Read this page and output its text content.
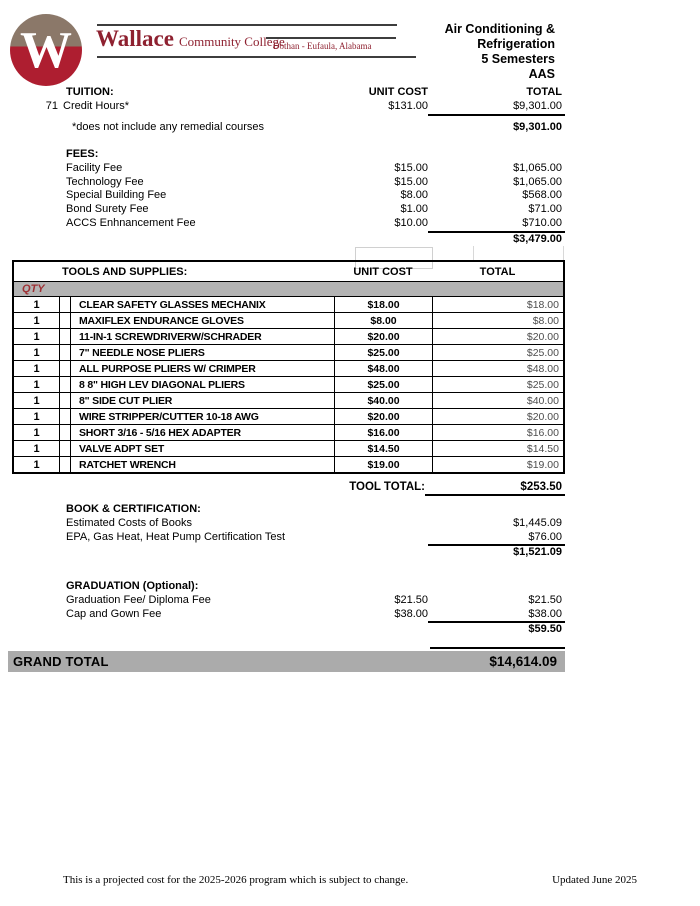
W Wallace Community College
Dothan - Eufaula, Alabama
Air Conditioning &
Refrigeration
5 Semesters
AAS
TUITION:	UNIT COST	TOTAL
71 Credit Hours*	$131.00	$9,301.00
*does not include any remedial courses	$9,301.00
FEES:
Facility Fee	$15.00	$1,065.00
Technology Fee	$15.00	$1,065.00
Special Building Fee	$8.00	$568.00
Bond Surety Fee	$1.00	$71.00
ACCS Enhnancement Fee	$10.00	$710.00
$3,479.00
TOOLS AND SUPPLIES:	UNIT COST	TOTAL
QTY
1	CLEAR SAFETY GLASSES MECHANIX	$18.00	$18.00
1	MAXIFLEX ENDURANCE GLOVES	$8.00	$8.00
1	11-IN-1 SCREWDRIVERW/SCHRADER	$20.00	$20.00
1	7" NEEDLE NOSE PLIERS	$25.00	$25.00
1	ALL PURPOSE PLIERS W/ CRIMPER	$48.00	$48.00
1	8 8" HIGH LEV DIAGONAL PLIERS	$25.00	$25.00
1	8" SIDE CUT PLIER	$40.00	$40.00
1	WIRE STRIPPER/CUTTER 10-18 AWG	$20.00	$20.00
1	SHORT 3/16 - 5/16 HEX ADAPTER	$16.00	$16.00
1	VALVE ADPT SET	$14.50	$14.50
1	RATCHET WRENCH	$19.00	$19.00
TOOL TOTAL:	$253.50
BOOK & CERTIFICATION:
Estimated Costs of Books	$1,445.09
EPA, Gas Heat, Heat Pump Certification Test	$76.00
$1,521.09
GRADUATION (Optional):
Graduation Fee/ Diploma Fee	$21.50	$21.50
Cap and Gown Fee	$38.00	$38.00
$59.50
GRAND TOTAL	$14,614.09
This is a projected cost for the 2025-2026 program which is subject to change.	Updated June 2025
